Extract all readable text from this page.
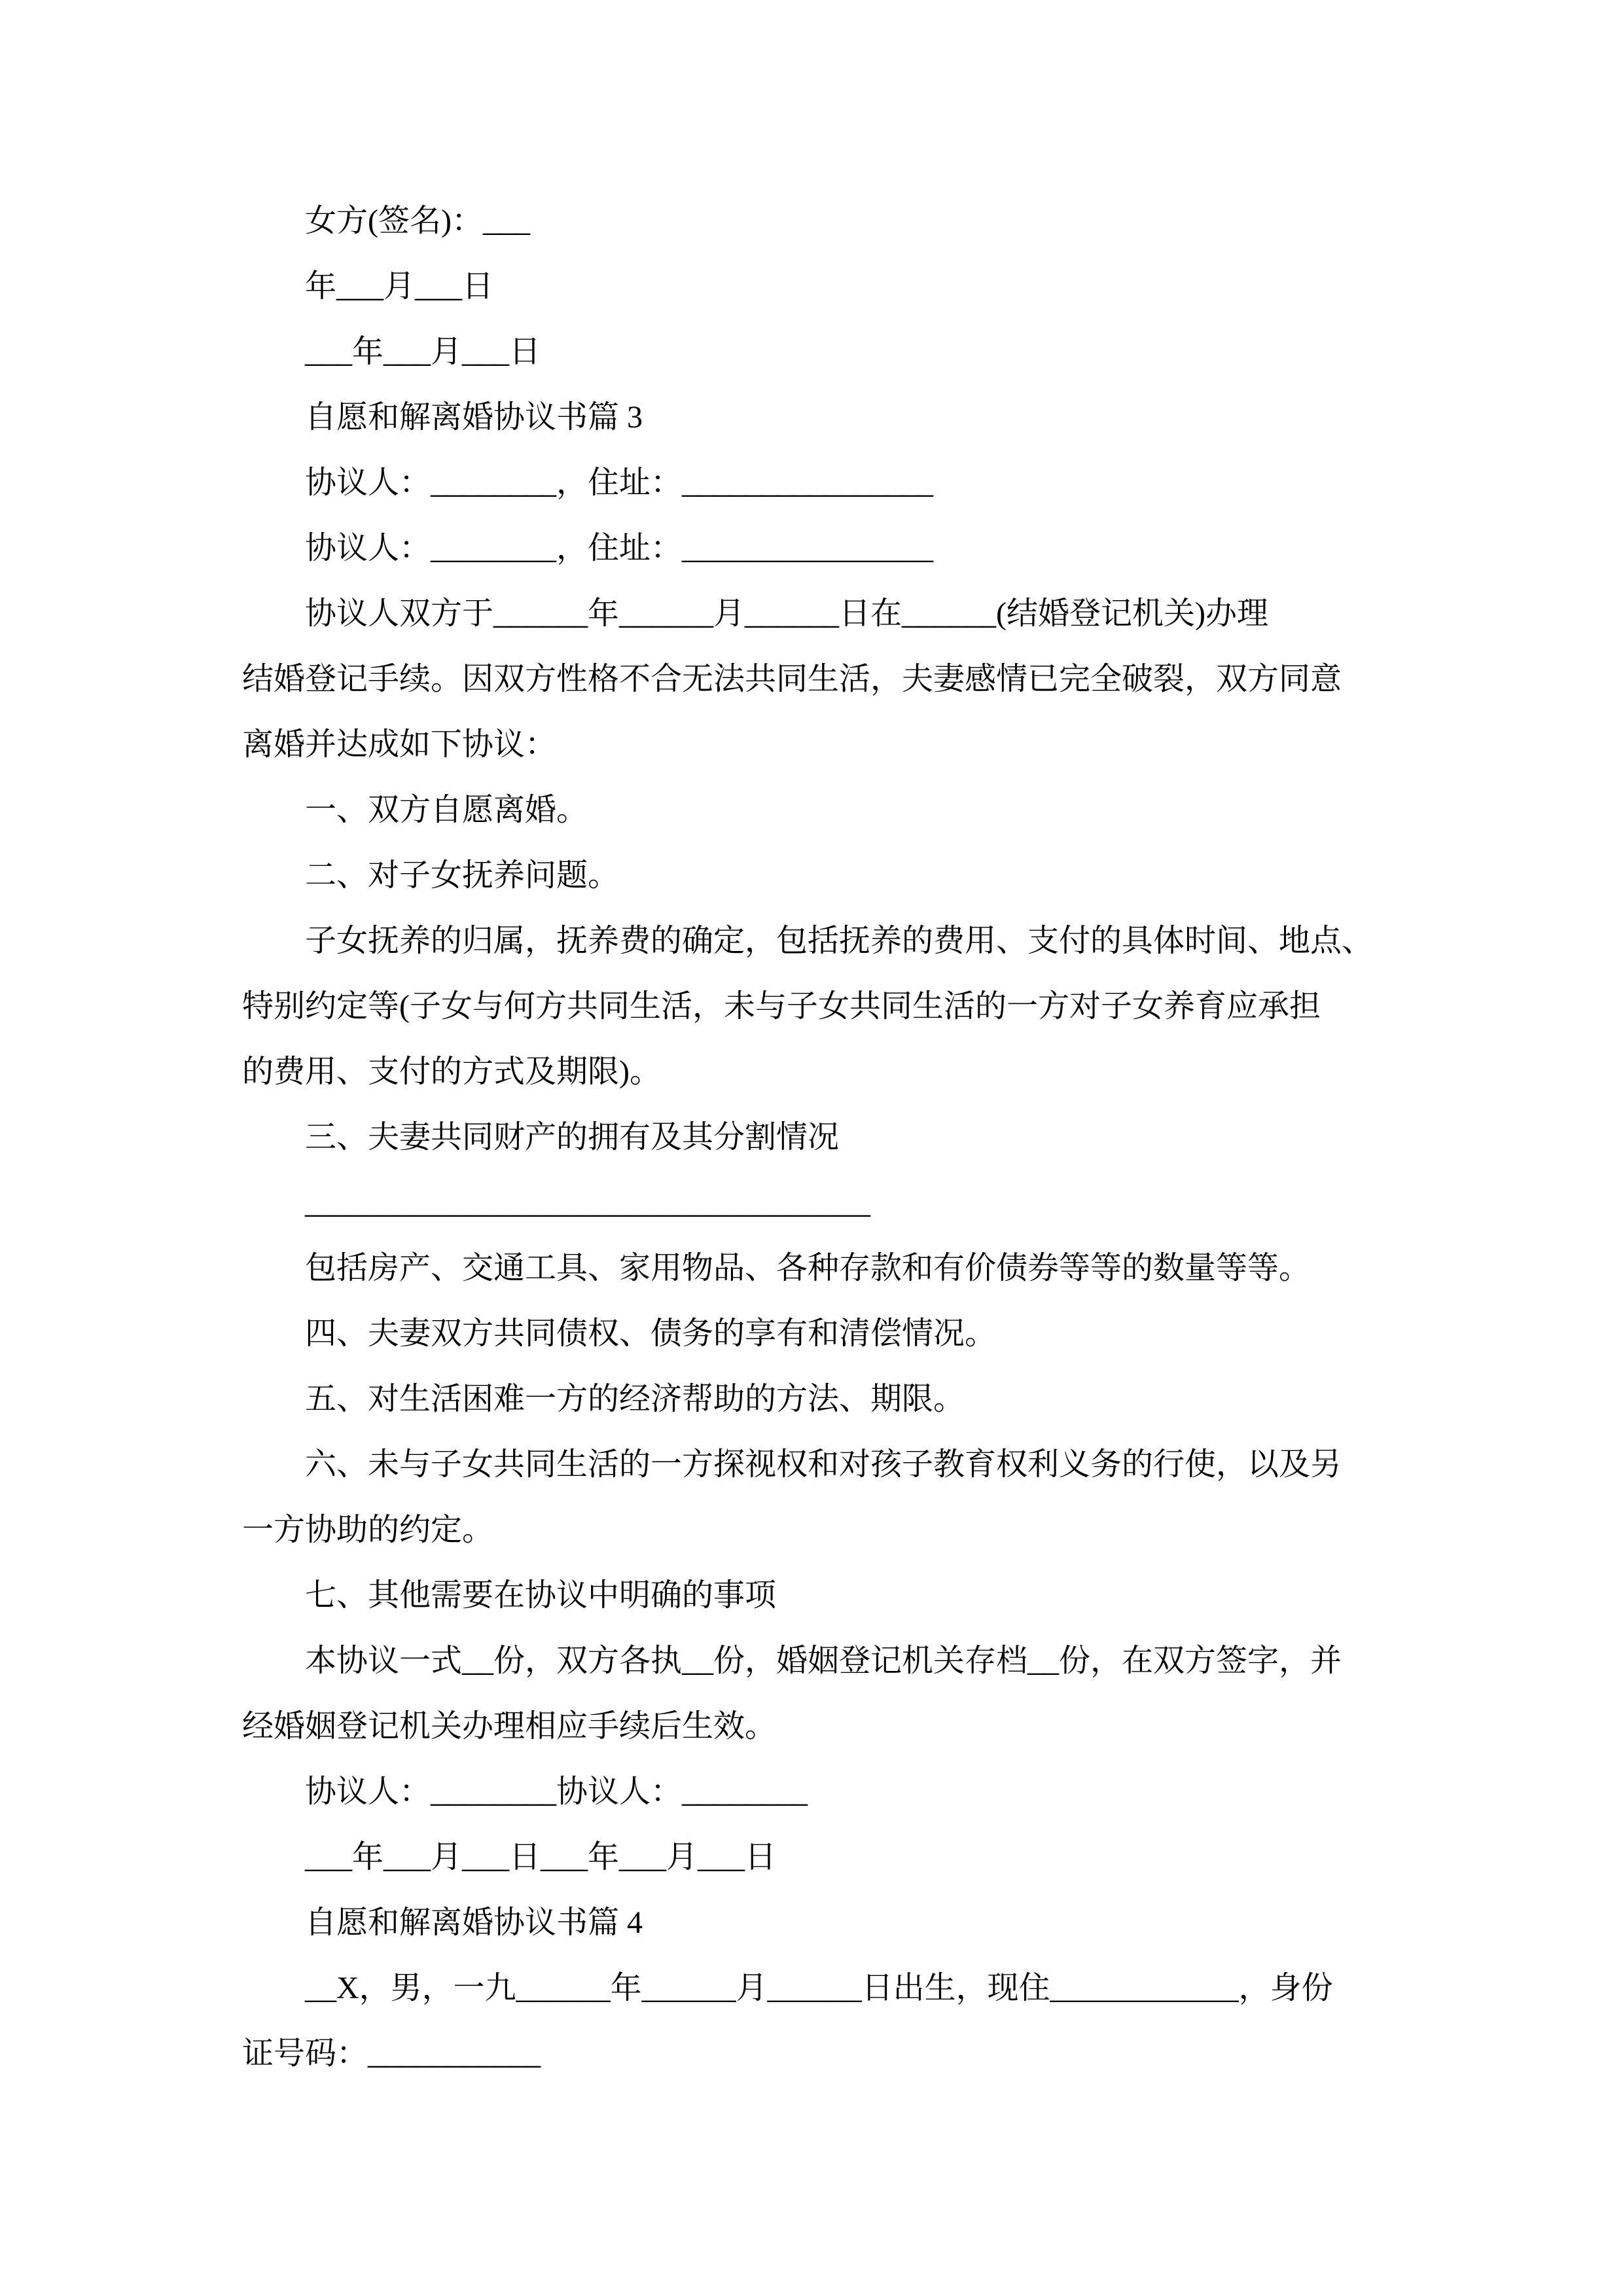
女方(签名)：___
年___月___日
___年___月___日
自愿和解离婚协议书篇 3
协议人：________，住址：________________
协议人：________，住址：________________
协议人双方于______年______月______日在______(结婚登记机关)办理
结婚登记手续。因双方性格不合无法共同生活，夫妻感情已完全破裂，双方同意
离婚并达成如下协议：
一、双方自愿离婚。
二、对子女抚养问题。
子女抚养的归属，抚养费的确定，包括抚养的费用、支付的具体时间、地点、
特别约定等(子女与何方共同生活，未与子女共同生活的一方对子女养育应承担
的费用、支付的方式及期限)。
三、夫妻共同财产的拥有及其分割情况
____________________________________
包括房产、交通工具、家用物品、各种存款和有价债券等等的数量等等。
四、夫妻双方共同债权、债务的享有和清偿情况。
五、对生活困难一方的经济帮助的方法、期限。
六、未与子女共同生活的一方探视权和对孩子教育权利义务的行使，以及另
一方协助的约定。
七、其他需要在协议中明确的事项
本协议一式__份，双方各执__份，婚姻登记机关存档__份，在双方签字，并
经婚姻登记机关办理相应手续后生效。
协议人：________协议人：________
___年___月___日___年___月___日
自愿和解离婚协议书篇 4
__X，男，一九______年______月______日出生，现住____________，身份
证号码：___________
